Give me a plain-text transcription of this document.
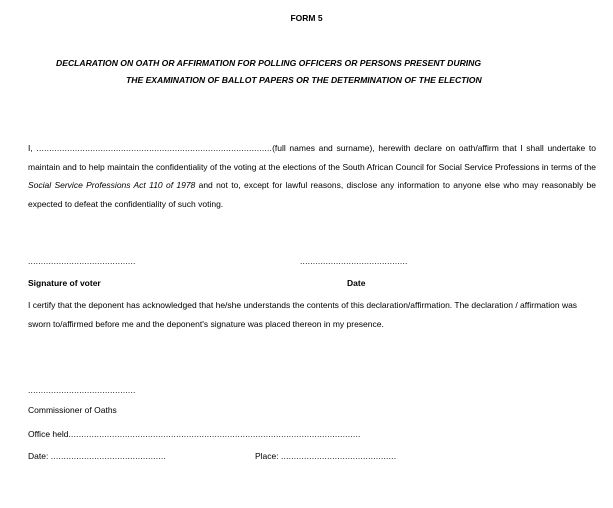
FORM 5
DECLARATION ON OATH OR AFFIRMATION FOR POLLING OFFICERS OR PERSONS PRESENT DURING
THE EXAMINATION OF BALLOT PAPERS OR THE DETERMINATION OF THE ELECTION
I, ............................................................................................(full names and surname), herewith declare on oath/affirm that I shall undertake to maintain and to help maintain the confidentiality of the voting at the elections of the South African Council for Social Service Professions in terms of the Social Service Professions Act 110 of 1978 and not to, except for lawful reasons, disclose any information to anyone else who may reasonably be expected to defeat the confidentiality of such voting.
..........................................	..........................................
Signature of voter	Date
I certify that the deponent has acknowledged that he/she understands the contents of this declaration/affirmation. The declaration / affirmation was sworn to/affirmed before me and the deponent's signature was placed thereon in my presence.
..........................................
Commissioner of Oaths
Office held..................................................................................................................
Date: .............................................	Place: .............................................
